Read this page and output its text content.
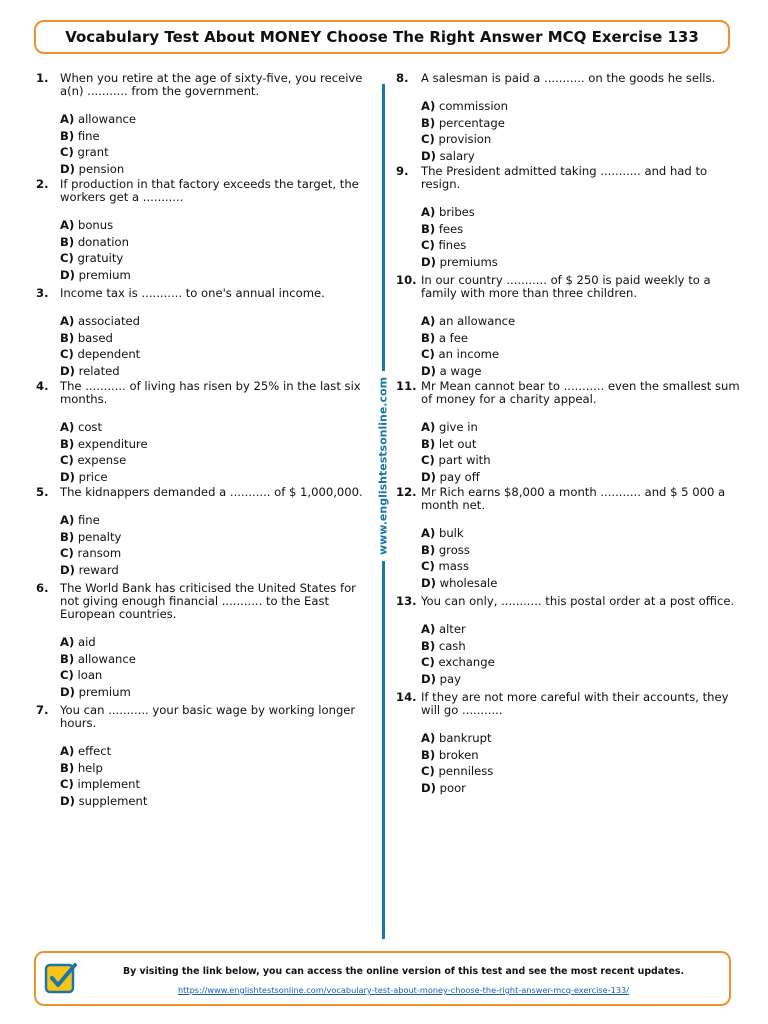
Vocabulary Test About MONEY Choose The Right Answer MCQ Exercise 133
1. When you retire at the age of sixty-five, you receive a(n) ........... from the government.
A) allowance
B) fine
C) grant
D) pension
2. If production in that factory exceeds the target, the workers get a ...........
A) bonus
B) donation
C) gratuity
D) premium
3. Income tax is ........... to one's annual income.
A) associated
B) based
C) dependent
D) related
4. The ........... of living has risen by 25% in the last six months.
A) cost
B) expenditure
C) expense
D) price
5. The kidnappers demanded a ........... of $ 1,000,000.
A) fine
B) penalty
C) ransom
D) reward
6. The World Bank has criticised the United States for not giving enough financial ........... to the East European countries.
A) aid
B) allowance
C) loan
D) premium
7. You can ........... your basic wage by working longer hours.
A) effect
B) help
C) implement
D) supplement
8.	A salesman is paid a ........... on the goods he sells.
A) commission
B) percentage
C) provision
D) salary
9.	The President admitted taking ........... and had to resign.
A) bribes
B) fees
C) fines
D) premiums
10. In our country ........... of $ 250 is paid weekly to a family with more than three children.
A) an allowance
B) a fee
C) an income
D) a wage
11. Mr Mean cannot bear to ........... even the smallest sum of money for a charity appeal.
A) give in
B) let out
C) part with
D) pay off
12. Mr Rich earns $8,000 a month ........... and $ 5 000 a month net.
A) bulk
B) gross
C) mass
D) wholesale
13. You can only, ........... this postal order at a post office.
A) alter
B) cash
C) exchange
D) pay
14. If they are not more careful with their accounts, they will go ...........
A) bankrupt
B) broken
C) penniless
D) poor
www.englishtestsonline.com
By visiting the link below, you can access the online version of this test and see the most recent updates.
https://www.englishtestsonline.com/vocabulary-test-about-money-choose-the-right-answer-mcq-exercise-133/
